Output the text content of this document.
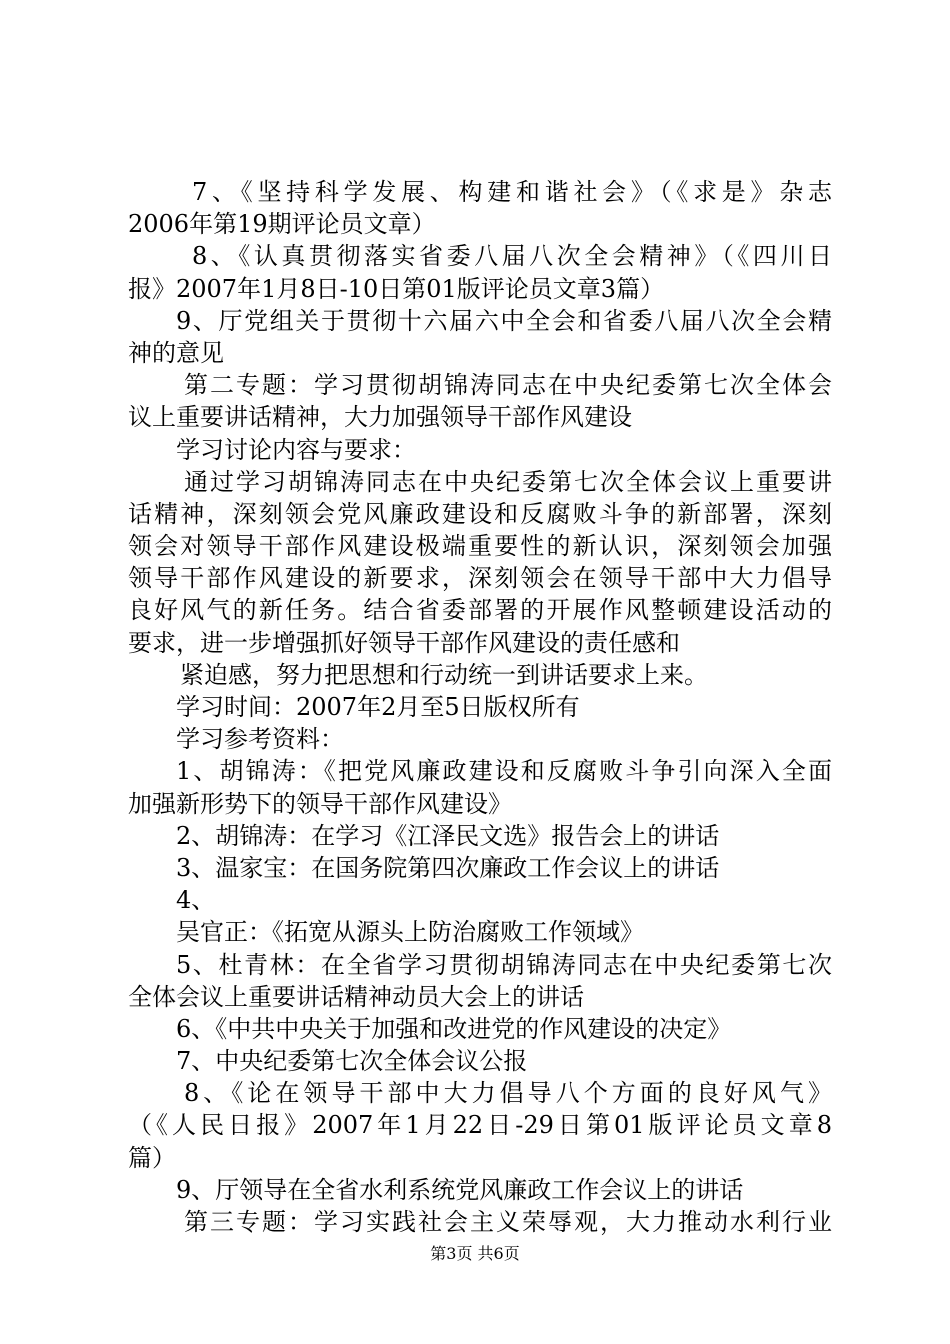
7、《坚持科学发展、构建和谐社会》（《求是》杂志
2006年第19期评论员文章）
8、《认真贯彻落实省委八届八次全会精神》（《四川日
报》2007年1月8日-10日第01版评论员文章3篇）
9、厅党组关于贯彻十六届六中全会和省委八届八次全会精
神的意见
第二专题：学习贯彻胡锦涛同志在中央纪委第七次全体会
议上重要讲话精神，大力加强领导干部作风建设
学习讨论内容与要求：
通过学习胡锦涛同志在中央纪委第七次全体会议上重要讲
话精神，深刻领会党风廉政建设和反腐败斗争的新部署，深刻
领会对领导干部作风建设极端重要性的新认识，深刻领会加强
领导干部作风建设的新要求，深刻领会在领导干部中大力倡导
良好风气的新任务。结合省委部署的开展作风整顿建设活动的
要求，进一步增强抓好领导干部作风建设的责任感和
紧迫感，努力把思想和行动统一到讲话要求上来。
学习时间：2007年2月至5日版权所有
学习参考资料：
1、胡锦涛：《把党风廉政建设和反腐败斗争引向深入全面
加强新形势下的领导干部作风建设》
2、胡锦涛：在学习《江泽民文选》报告会上的讲话
3、温家宝：在国务院第四次廉政工作会议上的讲话
4、
吴官正：《拓宽从源头上防治腐败工作领域》
5、杜青林：在全省学习贯彻胡锦涛同志在中央纪委第七次
全体会议上重要讲话精神动员大会上的讲话
6、《中共中央关于加强和改进党的作风建设的决定》
7、中央纪委第七次全体会议公报
8、《论在领导干部中大力倡导八个方面的良好风气》
（《人民日报》2007年1月22日-29日第01版评论员文章8
篇）
9、厅领导在全省水利系统党风廉政工作会议上的讲话
第三专题：学习实践社会主义荣辱观，大力推动水利行业
第3页 共6页
